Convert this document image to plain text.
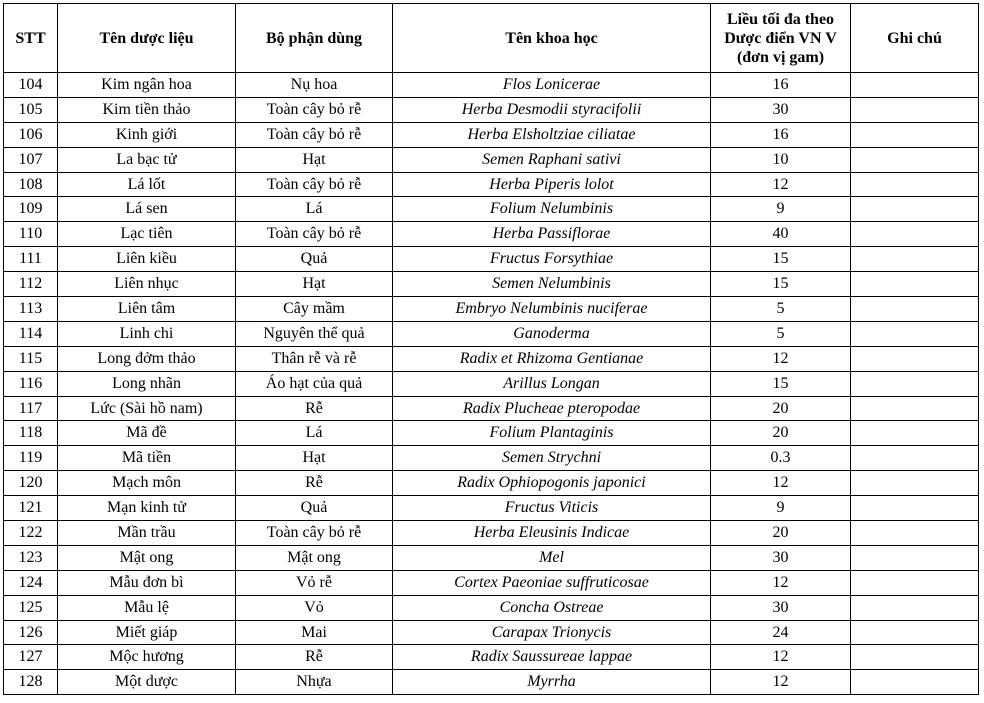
STT	Tên dược liệu	Bộ phận dùng	Tên khoa học	Liều tối đa theo Dược điển VN V (đơn vị gam)	Ghi chú
104	Kim ngân hoa	Nụ hoa	Flos Lonicerae	16	
105	Kim tiền thảo	Toàn cây bỏ rễ	Herba Desmodii styracifolii	30	
106	Kinh giới	Toàn cây bỏ rễ	Herba Elsholtziae ciliatae	16	
107	La bạc tử	Hạt	Semen Raphani sativi	10	
108	Lá lốt	Toàn cây bỏ rễ	Herba Piperis lolot	12	
109	Lá sen	Lá	Folium Nelumbinis	9	
110	Lạc tiên	Toàn cây bỏ rễ	Herba Passiflorae	40	
111	Liên kiều	Quả	Fructus Forsythiae	15	
112	Liên nhục	Hạt	Semen Nelumbinis	15	
113	Liên tâm	Cây mầm	Embryo Nelumbinis nuciferae	5	
114	Linh chi	Nguyên thể quả	Ganoderma	5	
115	Long đởm thảo	Thân rễ và rễ	Radix et Rhizoma Gentianae	12	
116	Long nhãn	Áo hạt của quả	Arillus Longan	15	
117	Lức (Sài hồ nam)	Rễ	Radix Plucheae pteropodae	20	
118	Mã đề	Lá	Folium Plantaginis	20	
119	Mã tiền	Hạt	Semen Strychni	0.3	
120	Mạch môn	Rễ	Radix Ophiopogonis japonici	12	
121	Mạn kinh tử	Quả	Fructus Viticis	9	
122	Mần trầu	Toàn cây bỏ rễ	Herba Eleusinis Indicae	20	
123	Mật ong	Mật ong	Mel	30	
124	Mẫu đơn bì	Vỏ rễ	Cortex Paeoniae suffruticosae	12	
125	Mẫu lệ	Vỏ	Concha Ostreae	30	
126	Miết giáp	Mai	Carapax Trionycis	24	
127	Mộc hương	Rễ	Radix Saussureae lappae	12	
128	Một dược	Nhựa	Myrrha	12	
